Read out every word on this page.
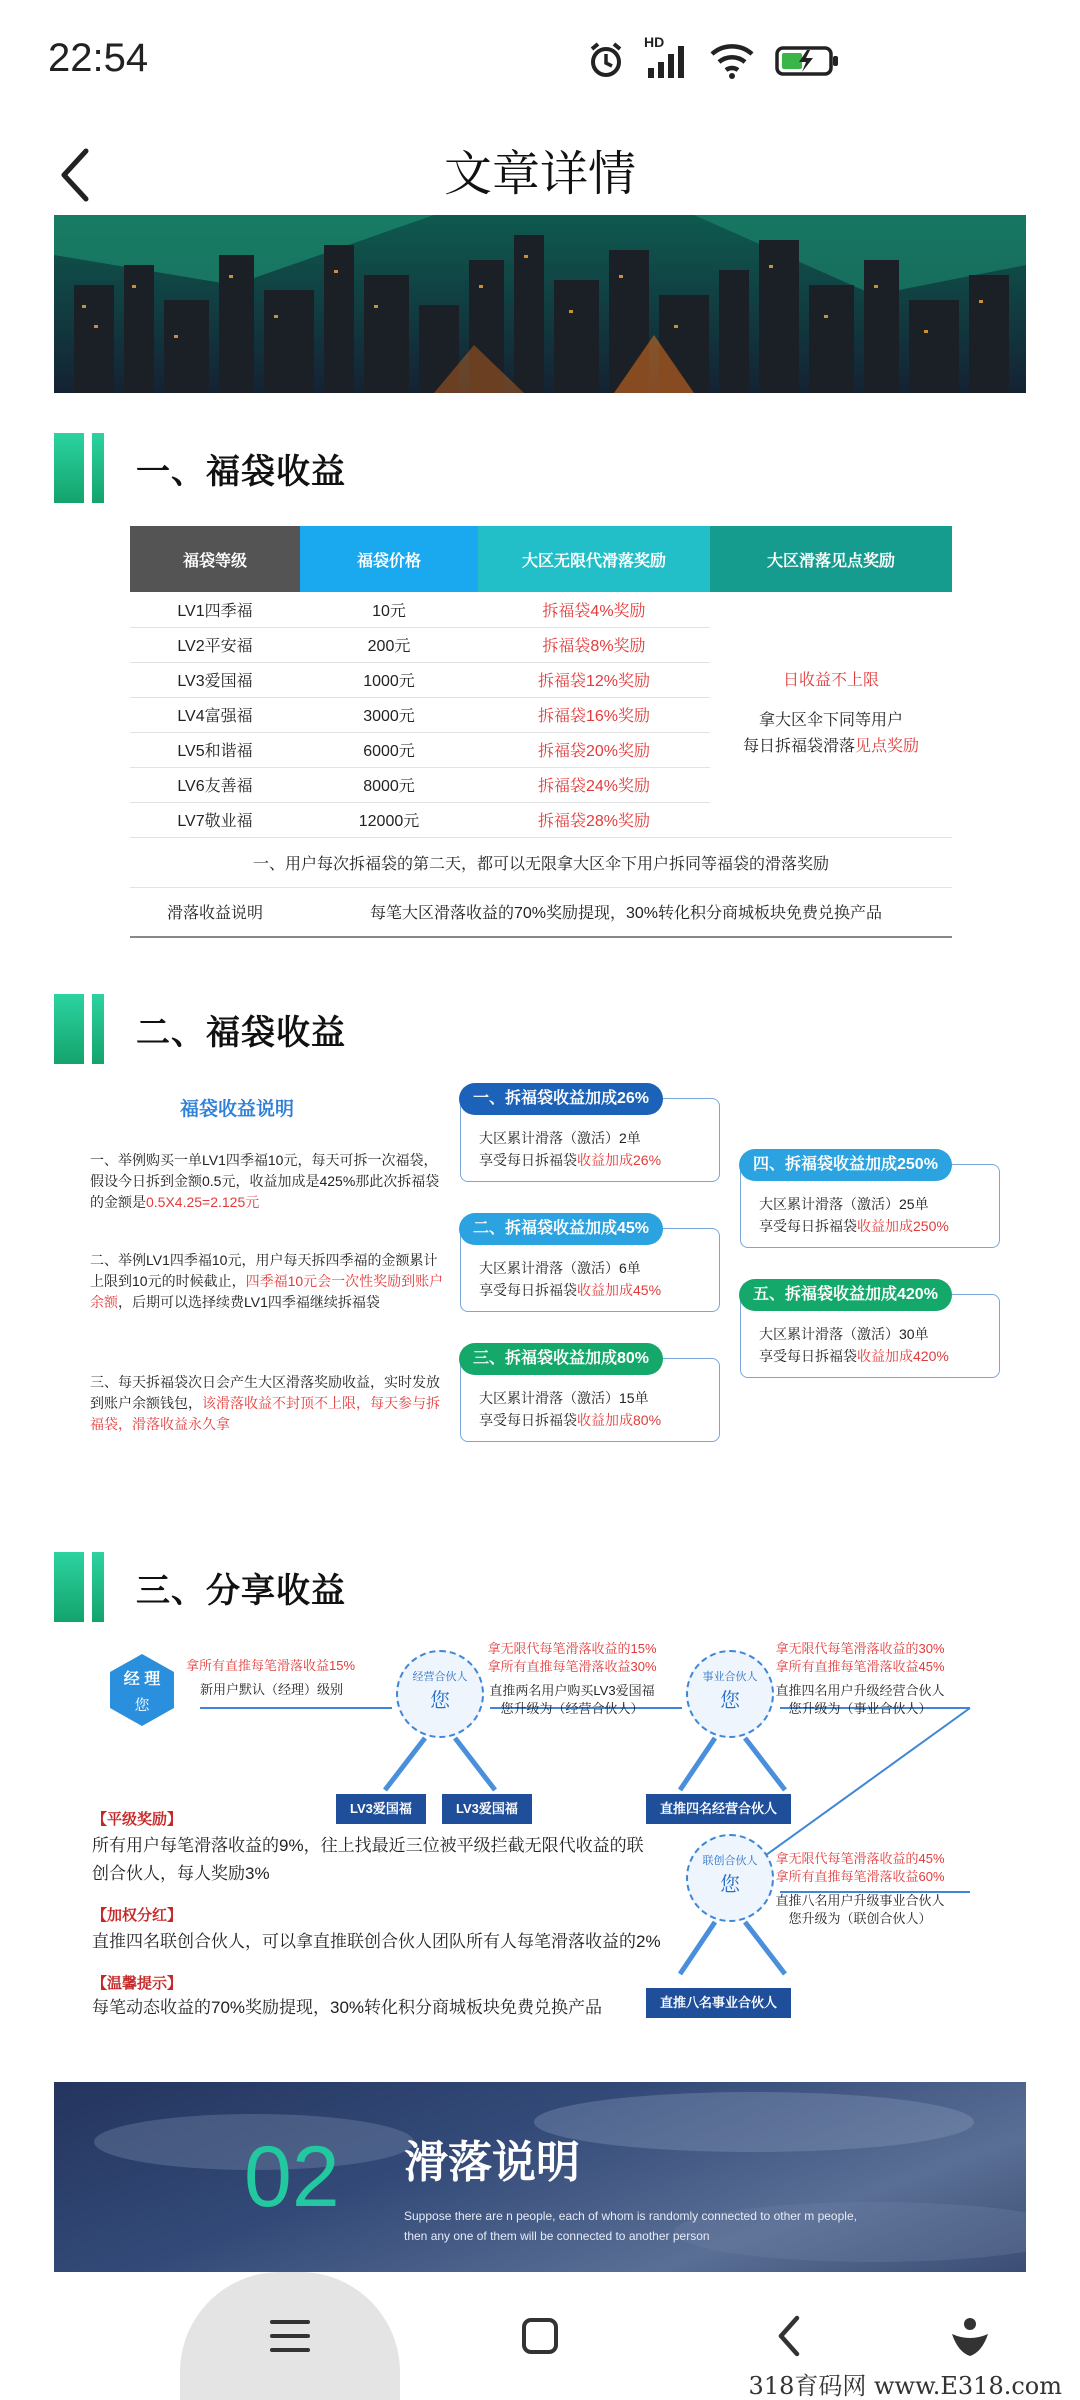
22:54	HD
文章详情
一、福袋收益
福袋等级	福袋价格	大区无限代滑落奖励	大区滑落见点奖励
LV1四季福	10元	拆福袋4%奖励	日收益不上限
拿大区伞下同等用户
每日拆福袋滑落见点奖励

LV2平安福	200元	拆福袋8%奖励	
LV3爱国福	1000元	拆福袋12%奖励	
LV4富强福	3000元	拆福袋16%奖励	
LV5和谐福	6000元	拆福袋20%奖励	
LV6友善福	8000元	拆福袋24%奖励	
LV7敬业福	12000元	拆福袋28%奖励	
一、用户每次拆福袋的第二天，都可以无限拿大区伞下用户拆同等福袋的滑落奖励			
滑落收益说明	每笔大区滑落收益的70%奖励提现，30%转化积分商城板块免费兑换产品		
二、福袋收益
福袋收益说明
一、举例购买一单LV1四季福10元，每天可拆一次福袋，假设今日拆到金额0.5元，收益加成是425%那此次拆福袋的金额是0.5X4.25=2.125元
二、举例LV1四季福10元，用户每天拆四季福的金额累计上限到10元的时候截止，四季福10元会一次性奖励到账户余额，后期可以选择续费LV1四季福继续拆福袋
三、每天拆福袋次日会产生大区滑落奖励收益，实时发放到账户余额钱包，该滑落收益不封顶不上限，每天参与拆福袋，滑落收益永久拿
一、拆福袋收益加成26%
大区累计滑落（激活）2单
享受每日拆福袋收益加成26%
二、拆福袋收益加成45%
大区累计滑落（激活）6单
享受每日拆福袋收益加成45%
三、拆福袋收益加成80%
大区累计滑落（激活）15单
享受每日拆福袋收益加成80%
四、拆福袋收益加成250%
大区累计滑落（激活）25单
享受每日拆福袋收益加成250%
五、拆福袋收益加成420%
大区累计滑落（激活）30单
享受每日拆福袋收益加成420%
三、分享收益
经 理
您
拿所有直推每笔滑落收益15%
新用户默认（经理）级别
经营合伙人
您
拿无限代每笔滑落收益的15%
拿所有直推每笔滑落收益30%
直推两名用户购买LV3爱国福
您升级为（经营合伙人）
LV3爱国福	LV3爱国福
事业合伙人
您
拿无限代每笔滑落收益的30%
拿所有直推每笔滑落收益45%
直推四名用户升级经营合伙人
您升级为（事业合伙人）
直推四名经营合伙人
联创合伙人
您
拿无限代每笔滑落收益的45%
拿所有直推每笔滑落收益60%
直推八名用户升级事业合伙人
您升级为（联创合伙人）
直推八名事业合伙人
【平级奖励】
所有用户每笔滑落收益的9%，往上找最近三位被平级拦截无限代收益的联创合伙人，每人奖励3%
【加权分红】
直推四名联创合伙人，可以拿直推联创合伙人团队所有人每笔滑落收益的2%
【温馨提示】
每笔动态收益的70%奖励提现，30%转化积分商城板块免费兑换产品
02 滑落说明
Suppose there are n people, each of whom is randomly connected to other m people, then any one of them will be connected to another person
318育码网 www.E318.com
